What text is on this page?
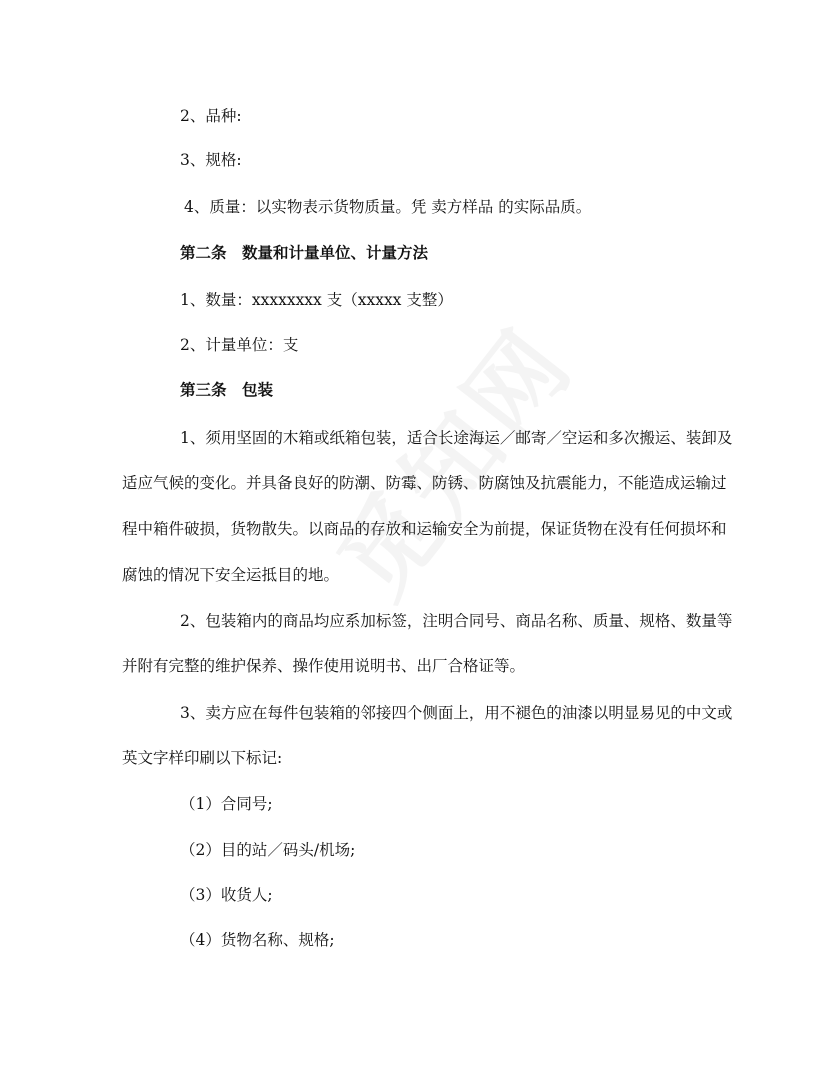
2、品种:
3、规格:
4、质量：以实物表示货物质量。凭 卖方样品 的实际品质。
第二条　数量和计量单位、计量方法
1、数量：xxxxxxxx 支（xxxxx 支整）
2、计量单位：支
第三条　包装
1、须用坚固的木箱或纸箱包装，适合长途海运／邮寄／空运和多次搬运、装卸及
适应气候的变化。并具备良好的防潮、防霉、防锈、防腐蚀及抗震能力，不能造成运输过
程中箱件破损，货物散失。以商品的存放和运输安全为前提，保证货物在没有任何损坏和
腐蚀的情况下安全运抵目的地。
2、包装箱内的商品均应系加标签，注明合同号、商品名称、质量、规格、数量等
并附有完整的维护保养、操作使用说明书、出厂合格证等。
3、卖方应在每件包装箱的邻接四个侧面上，用不褪色的油漆以明显易见的中文或
英文字样印刷以下标记:
（1）合同号;
（2）目的站／码头/机场;
（3）收货人;
（4）货物名称、规格;
